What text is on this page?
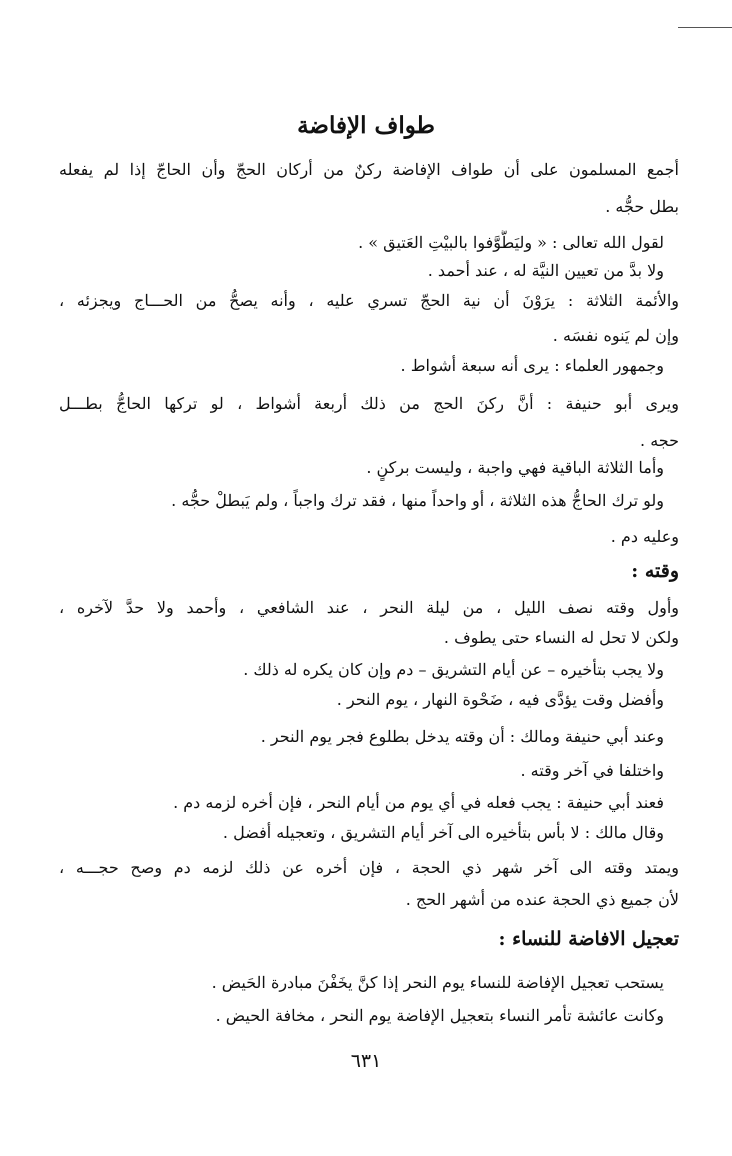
طواف الإفاضة
أجمع المسلمون على أن طواف الإفاضة ركنٌ من أركان الحجّ وأن الحاجّ إذا لم يفعله
بطل حجُّه .
لقول الله تعالى : « وليَطَّوَّفوا بالبيْتِ العَتيق » .
ولا بدَّ من تعيين النيَّة له ، عند أحمد .
والأئمة الثلاثة : يرَوْنَ أن نية الحجّ تسري عليه ، وأنه يصحُّ من الحـــاج ويجزئه ،
وإن لم يَنوه نفسَه .
وجمهور العلماء : يرى أنه سبعة أشواط .
ويرى أبو حنيفة : أنَّ ركنَ الحج من ذلك أربعة أشواط ، لو تركها الحاجُّ بطـــل
حجه .
وأما الثلاثة الباقية فهي واجبة ، وليست بركنٍ .
ولو ترك الحاجُّ هذه الثلاثة ، أو واحداً منها ، فقد ترك واجباً ، ولم يَبطلْ حجُّه .
وعليه دم .
وقته :
وأول وقته نصف الليل ، من ليلة النحر ، عند الشافعي ، وأحمد ولا حدَّ لآخره ،
ولكن لا تحل له النساء حتى يطوف .
ولا يجب بتأخيره – عن أيام التشريق – دم وإن كان يكره له ذلك .
وأفضل وقت يؤدَّى فيه ، ضَحْوة النهار ، يوم النحر .
وعند أبي حنيفة ومالك : أن وقته يدخل بطلوع فجر يوم النحر .
واختلفا في آخر وقته .
فعند أبي حنيفة : يجب فعله في أي يوم من أيام النحر ، فإن أخره لزمه دم .
وقال مالك : لا بأس بتأخيره الى آخر أيام التشريق ، وتعجيله أفضل .
ويمتد وقته الى آخر شهر ذي الحجة ، فإن أخره عن ذلك لزمه دم وصح حجـــه ،
لأن جميع ذي الحجة عنده من أشهر الحج .
تعجيل الافاضة للنساء :
يستحب تعجيل الإفاضة للنساء يوم النحر إذا كنَّ يخَفْنَ مبادرة الحَيض .
وكانت عائشة تأمر النساء بتعجيل الإفاضة يوم النحر ، مخافة الحيض .
٦٣١
